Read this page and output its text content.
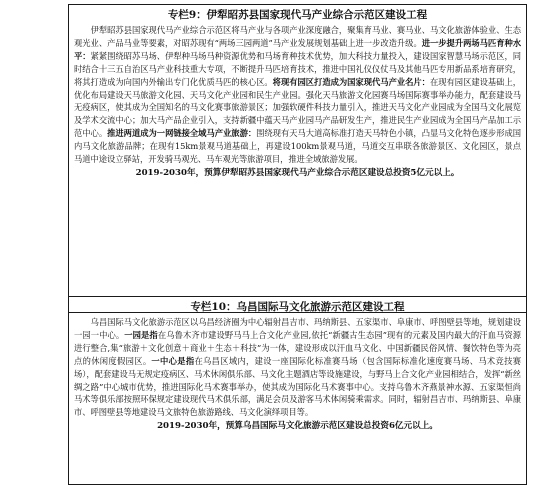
专栏9：伊犁昭苏县国家现代马产业综合示范区建设工程

伊犁昭苏县国家现代马产业综合示范区将马产业与各项产业深度融合，聚集育马业、赛马业、马文化旅游体验业、生态观光业、产品马业等要素，对昭苏现有“两场三园两道”马产业发展规划基础上进一步改造升级。进一步提升两场马匹育种水平：紧紧围绕昭苏马场、伊犁种马场马种资源优势和马场育种技术优势，加大科技力量投入，建设国家智慧马场示范区，同时结合十三五自治区马产业科技重大专项，不断提升马匹培育技术，推进中国礼仪仪仗马及其他马匹专用新品系培育研究，将其打造成为向国内外输出专门化优质马匹的核心区。将现有园区打造成为国家现代马产业名片：在现有园区建设基础上，优化布局建设天马旅游文化园、天马文化产业园和民生产业园。强化天马旅游文化园赛马场国际赛事举办能力，配套建设马无疫病区，使其成为全国知名的马文化赛事旅游景区；加强软硬件科技力量引入，推进天马文化产业园成为全国马文化展览及学术交流中心；加大马产品企业引入，支持新疆中蕴天马产业园马产品研发生产，推进民生产业园成为全国马产品加工示范中心。推进两道成为一网链接全域马产业旅游：围绕现有天马大道高标准打造天马特色小镇，凸显马文化特色逐步形成国内马文化旅游品牌；在现有15km景观马道基础上，再建设100km景观马道，马道交互串联各旅游景区、文化园区，景点马道中途设立驿站，开发骑马观光、马车观光等旅游项目，推进全域旅游发展。

2019-2030年，预算伊犁昭苏县国家现代马产业综合示范区建设总投资5亿元以上。
专栏10：乌昌国际马文化旅游示范区建设工程

乌昌国际马文化旅游示范区以乌昌经济圈为中心辐射昌吉市、玛纳斯县、五家渠市、阜康市、呼图壁县等地，规划建设一园一中心。一园是指在乌鲁木齐市建设野马马上合文化产业园,依托“新疆古生态园”现有的元素及国内最大的汗血马资源进行整合,集“旅游＋文化创意＋商业＋生态＋科技”为一体，建设形成以汗血马文化、中国新疆民俗风情、餐饮特色等为亮点的休闲度假园区。一中心是指在乌昌区域内，建设一座国际化标准赛马场（包含国际标准化速度赛马场、马术竞技赛场），配套建设马无规定疫病区、马术休闲俱乐部、马文化主题酒店等设施建设，与野马上合文化产业园相结合，发挥“新丝绸之路”中心城市优势，推进国际化马术赛事举办，使其成为国际化马术赛事中心。支持乌鲁木齐燕景神水源、五家渠恒尚马术等俱乐部按照环保规定建设现代马术俱乐部，满足会员及游客马术体闲骑乘需求。同时，辐射昌吉市、玛纳斯县、阜康市、呼图壁县等地建设马文旅特色旅游路线、马文化演绎项目等。

2019-2030年，预算乌昌国际马文化旅游示范区建设总投资6亿元以上。
